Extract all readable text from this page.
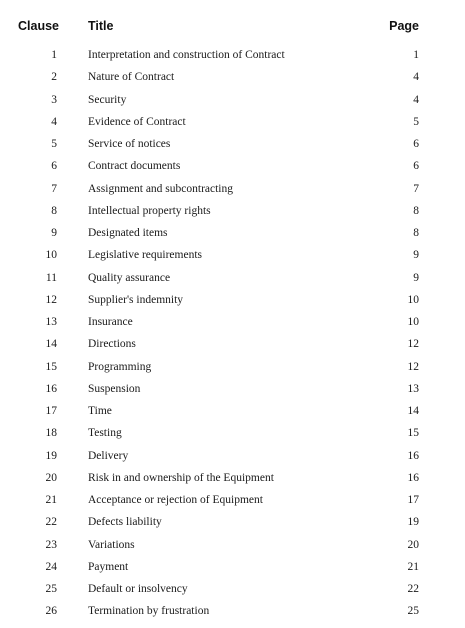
Clause Title	Page
1	Interpretation and construction of Contract	1
2	Nature of Contract	4
3	Security	4
4	Evidence of Contract	5
5	Service of notices	6
6	Contract documents	6
7	Assignment and subcontracting	7
8	Intellectual property rights	8
9	Designated items	8
10	Legislative requirements	9
11	Quality assurance	9
12	Supplier's indemnity	10
13	Insurance	10
14	Directions	12
15	Programming	12
16	Suspension	13
17	Time	14
18	Testing	15
19	Delivery	16
20	Risk in and ownership of the Equipment	16
21	Acceptance or rejection of Equipment	17
22	Defects liability	19
23	Variations	20
24	Payment	21
25	Default or insolvency	22
26	Termination by frustration	25
